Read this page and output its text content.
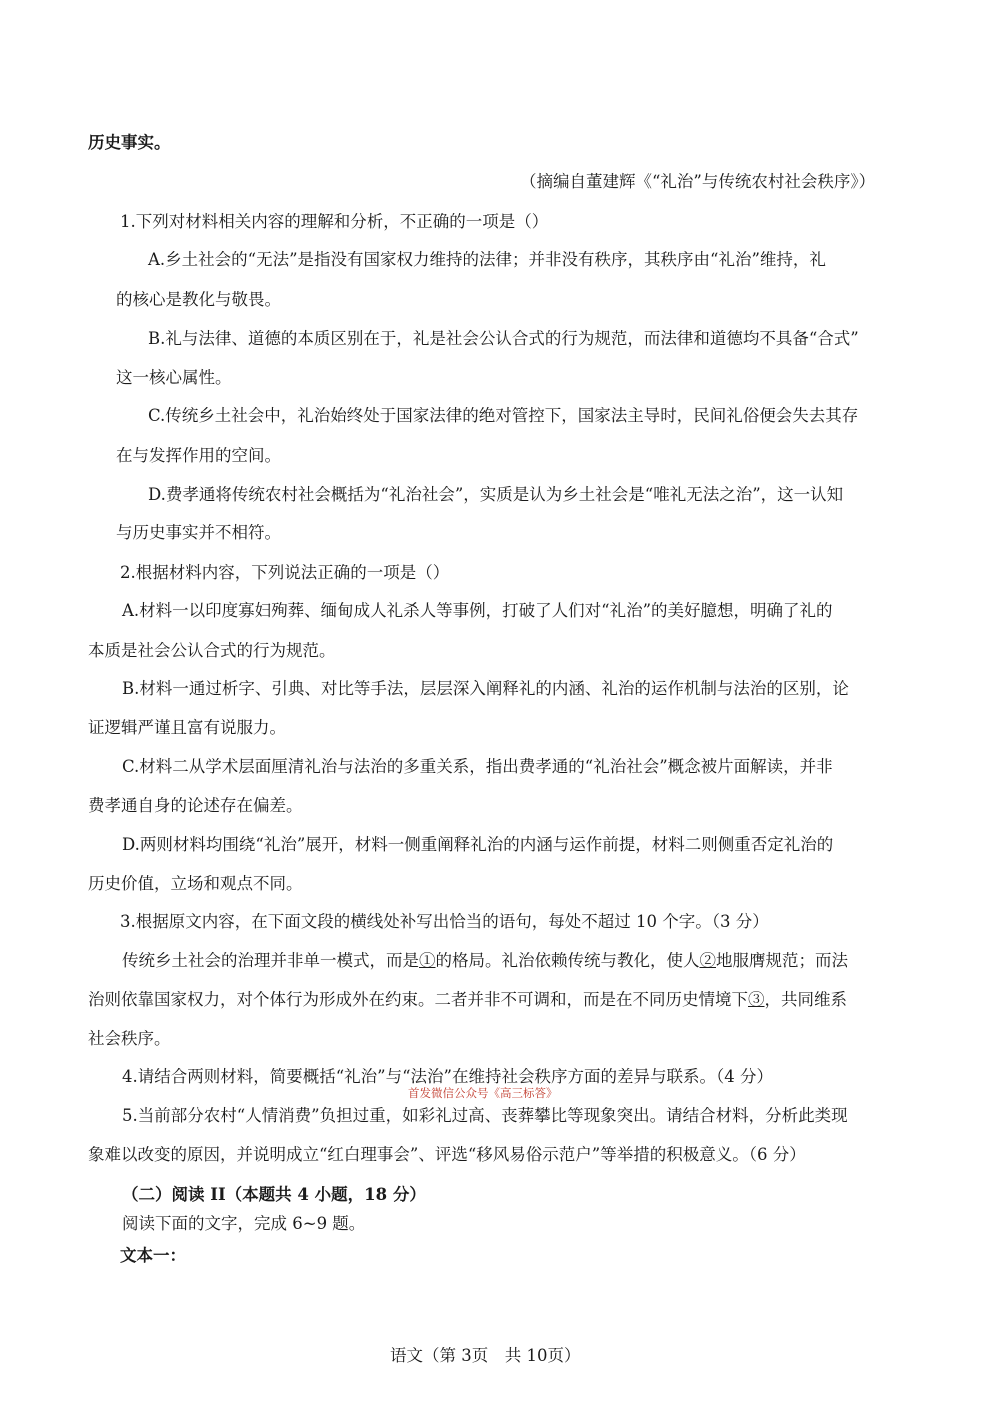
历史事实。
（摘编自董建辉《“礼治”与传统农村社会秩序》）
1.下列对材料相关内容的理解和分析，不正确的一项是（）
A.乡土社会的“无法”是指没有国家权力维持的法律；并非没有秩序，其秩序由“礼治”维持，礼
的核心是教化与敬畏。
B.礼与法律、道德的本质区别在于，礼是社会公认合式的行为规范，而法律和道德均不具备“合式”
这一核心属性。
C.传统乡土社会中，礼治始终处于国家法律的绝对管控下，国家法主导时，民间礼俗便会失去其存
在与发挥作用的空间。
D.费孝通将传统农村社会概括为“礼治社会”，实质是认为乡土社会是“唯礼无法之治”，这一认知
与历史事实并不相符。
2.根据材料内容，下列说法正确的一项是（）
A.材料一以印度寡妇殉葬、缅甸成人礼杀人等事例，打破了人们对“礼治”的美好臆想，明确了礼的
本质是社会公认合式的行为规范。
B.材料一通过析字、引典、对比等手法，层层深入阐释礼的内涵、礼治的运作机制与法治的区别，论
证逻辑严谨且富有说服力。
C.材料二从学术层面厘清礼治与法治的多重关系，指出费孝通的“礼治社会”概念被片面解读，并非
费孝通自身的论述存在偏差。
D.两则材料均围绕“礼治”展开，材料一侧重阐释礼治的内涵与运作前提，材料二则侧重否定礼治的
历史价值，立场和观点不同。
3.根据原文内容，在下面文段的横线处补写出恰当的语句，每处不超过 10 个字。（3 分）
传统乡土社会的治理并非单一模式，而是①的格局。礼治依赖传统与教化，使人②地服膺规范；而法
治则依靠国家权力，对个体行为形成外在约束。二者并非不可调和，而是在不同历史情境下③，共同维系
社会秩序。
4.请结合两则材料，简要概括“礼治”与“法治”在维持社会秩序方面的差异与联系。（4 分）
首发微信公众号《高三标答》
5.当前部分农村“人情消费”负担过重，如彩礼过高、丧葬攀比等现象突出。请结合材料，分析此类现
象难以改变的原因，并说明成立“红白理事会”、评选“移风易俗示范户”等举措的积极意义。（6 分）
（二）阅读 II（本题共 4 小题，18 分）
阅读下面的文字，完成 6~9 题。
文本一：
语文（第 3页　共 10页）
